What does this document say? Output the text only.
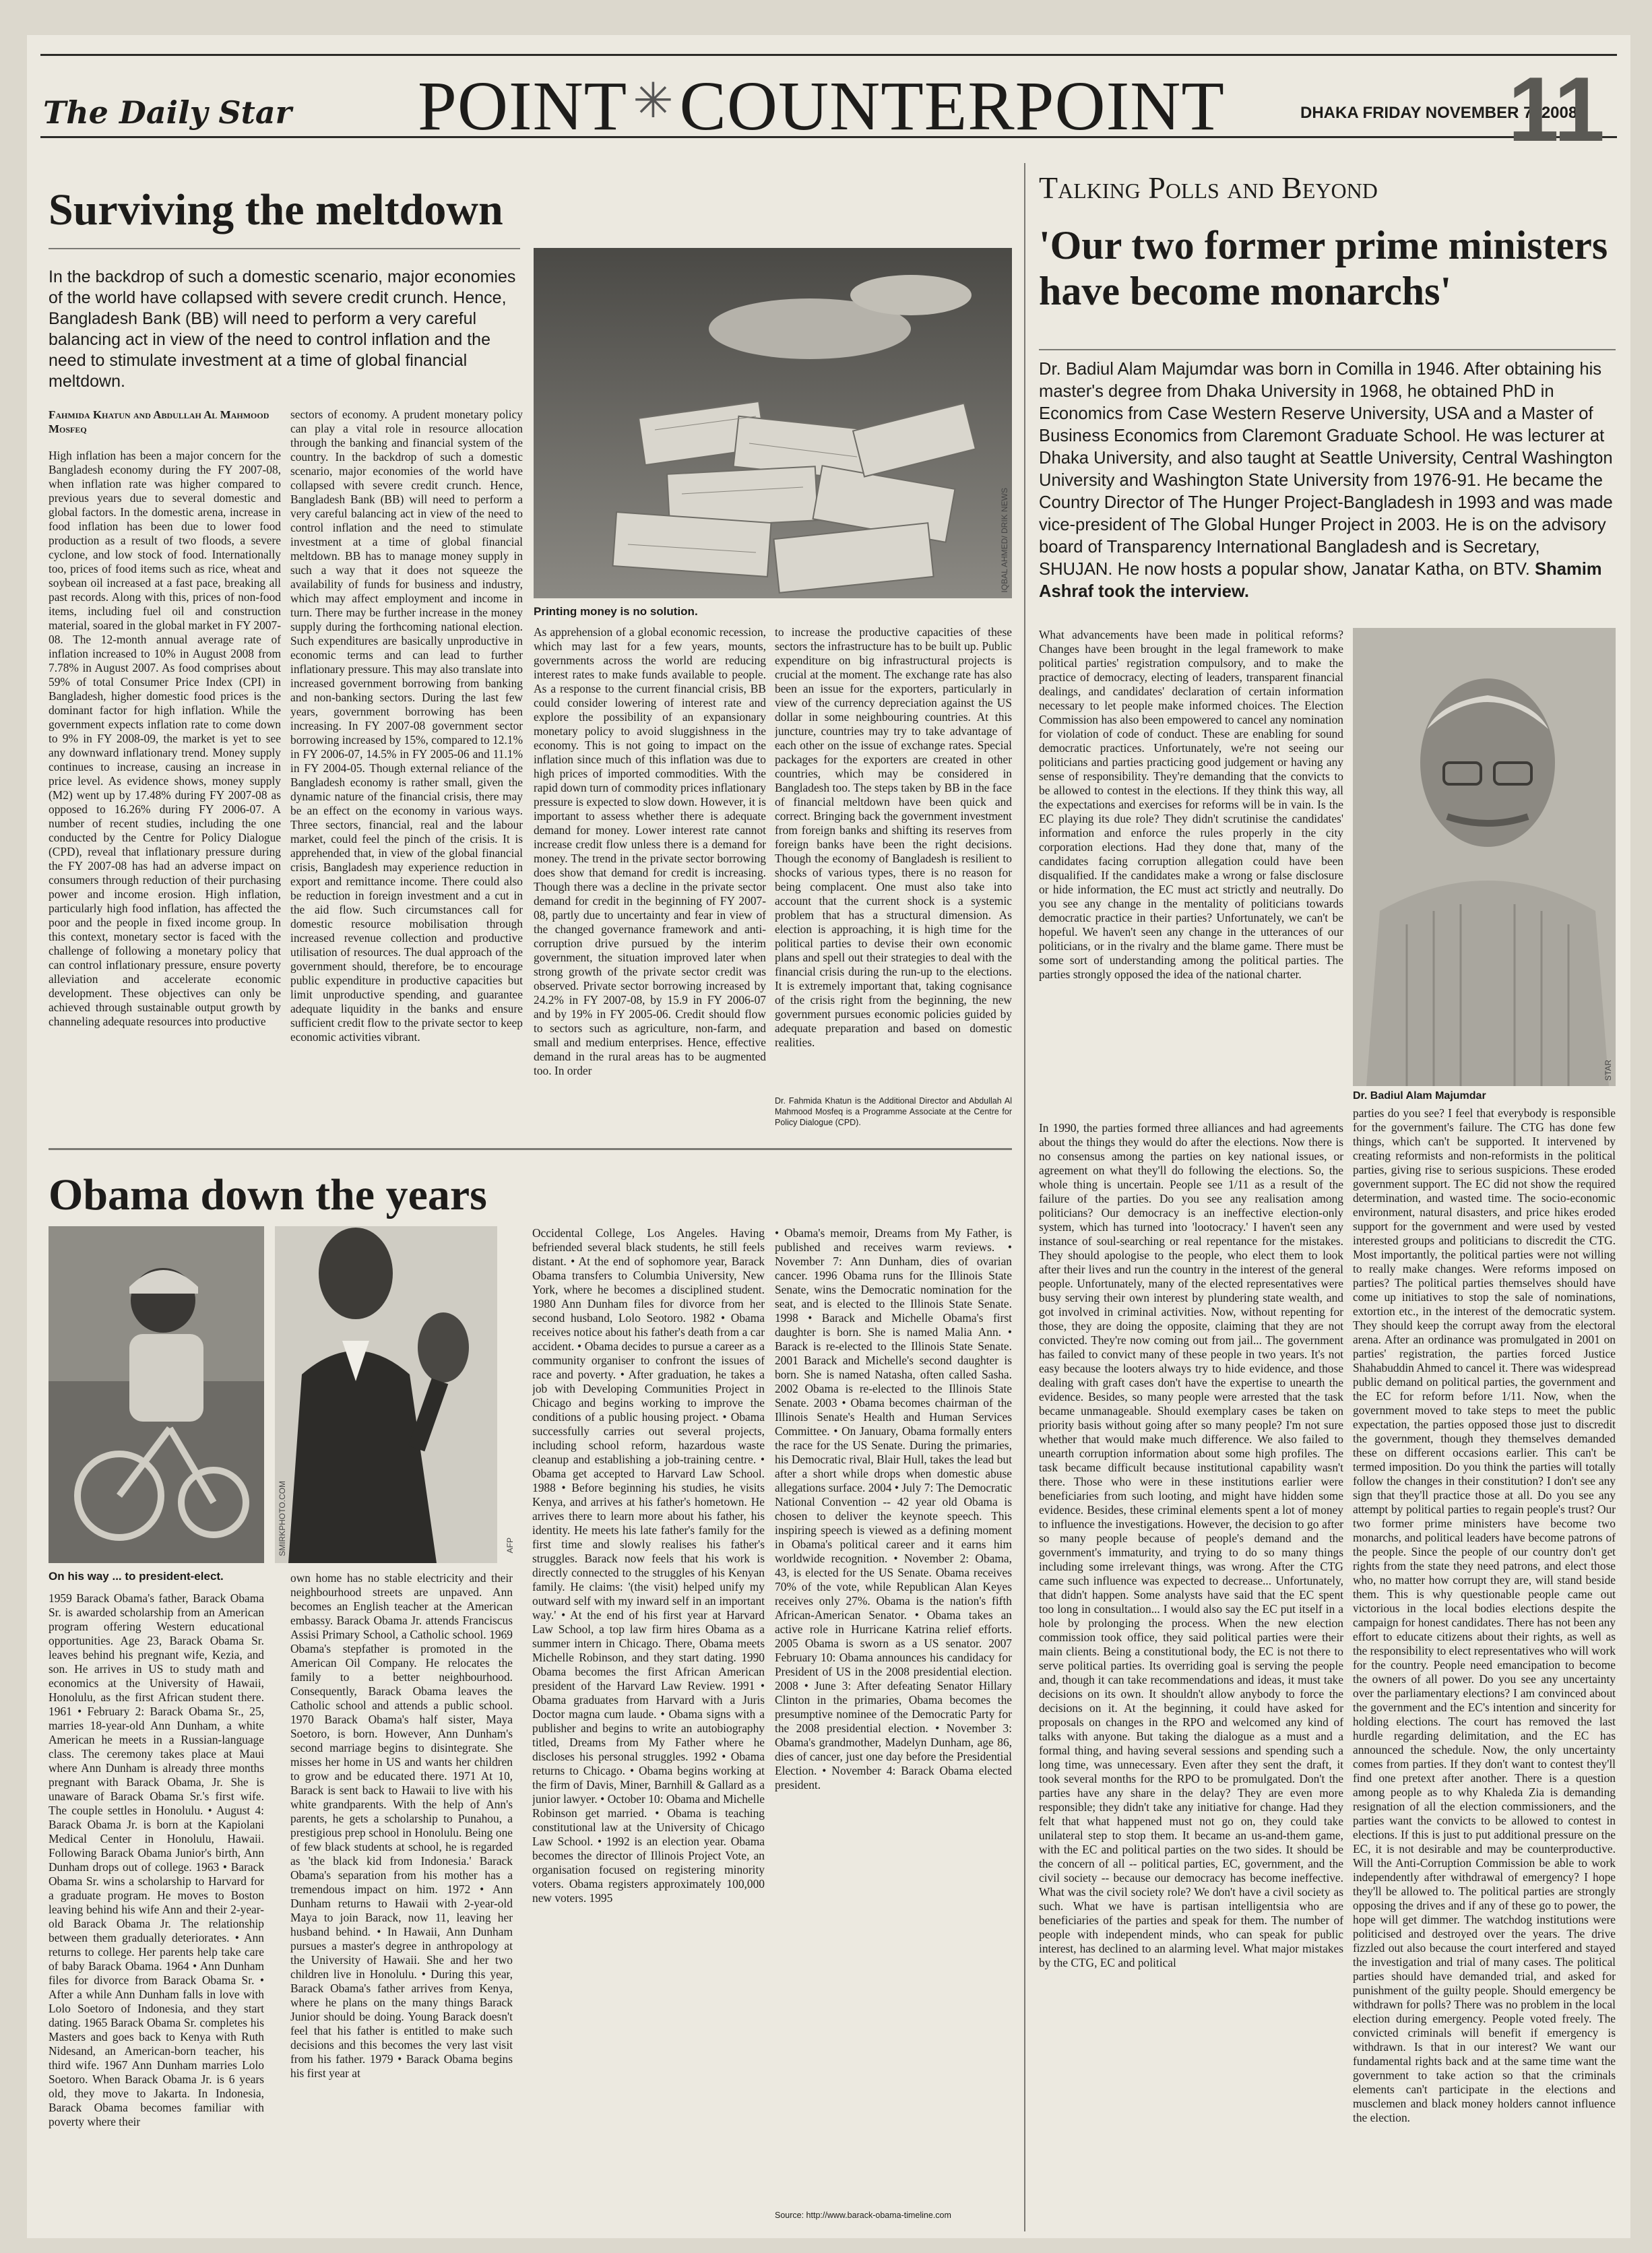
The Daily Star POINT ✳COUNTERPOINT	DHAKA FRIDAY NOVEMBER 7, 2008
11
Surviving the meltdown
In the backdrop of such a domestic scenario, major economies of the world have collapsed with severe credit crunch. Hence, Bangladesh Bank (BB) will need to perform a very careful balancing act in view of the need to control inflation and the need to stimulate investment at a time of global financial meltdown.
Fahmida Khatun and Abdullah Al Mahmood Mosfeq
High inflation has been a major concern for the Bangladesh economy during the FY 2007-08, when inflation rate was higher compared to previous years due to several domestic and global factors. In the domestic arena, increase in food inflation has been due to lower food production as a result of two floods, a severe cyclone, and low stock of food. Internationally too, prices of food items such as rice, wheat and soybean oil increased at a fast pace, breaking all past records. Along with this, prices of non-food items, including fuel oil and construction material, soared in the global market in FY 2007-08. The 12-month annual average rate of inflation increased to 10% in August 2008 from 7.78% in August 2007. As food comprises about 59% of total Consumer Price Index (CPI) in Bangladesh, higher domestic food prices is the dominant factor for high inflation. While the government expects inflation rate to come down to 9% in FY 2008-09, the market is yet to see any downward inflationary trend. Money supply continues to increase, causing an increase in price level. As evidence shows, money supply (M2) went up by 17.48% during FY 2007-08 as opposed to 16.26% during FY 2006-07. A number of recent studies, including the one conducted by the Centre for Policy Dialogue (CPD), reveal that inflationary pressure during the FY 2007-08 has had an adverse impact on consumers through reduction of their purchasing power and income erosion. High inflation, particularly high food inflation, has affected the poor and the people in fixed income group. In this context, monetary sector is faced with the challenge of following a monetary policy that can control inflationary pressure, ensure poverty alleviation and accelerate economic development. These objectives can only be achieved through sustainable output growth by channeling adequate resources into productive
sectors of economy. A prudent monetary policy can play a vital role in resource allocation through the banking and financial system of the country. In the backdrop of such a domestic scenario, major economies of the world have collapsed with severe credit crunch. Hence, Bangladesh Bank (BB) will need to perform a very careful balancing act in view of the need to control inflation and the need to stimulate investment at a time of global financial meltdown. BB has to manage money supply in such a way that it does not squeeze the availability of funds for business and industry, which may affect employment and income in turn. There may be further increase in the money supply during the forthcoming national election. Such expenditures are basically unproductive in economic terms and can lead to further inflationary pressure. This may also translate into increased government borrowing from banking and non-banking sectors. During the last few years, government borrowing has been increasing. In FY 2007-08 government sector borrowing increased by 15%, compared to 12.1% in FY 2006-07, 14.5% in FY 2005-06 and 11.1% in FY 2004-05. Though external reliance of the Bangladesh economy is rather small, given the dynamic nature of the financial crisis, there may be an effect on the economy in various ways. Three sectors, financial, real and the labour market, could feel the pinch of the crisis. It is apprehended that, in view of the global financial crisis, Bangladesh may experience reduction in export and remittance income. There could also be reduction in foreign investment and a cut in the aid flow. Such circumstances call for domestic resource mobilisation through increased revenue collection and productive utilisation of resources. The dual approach of the government should, therefore, be to encourage public expenditure in productive capacities but limit unproductive spending, and guarantee adequate liquidity in the banks and ensure sufficient credit flow to the private sector to keep economic activities vibrant.
IQBAL AHMED/ DRIK NEWS
Printing money is no solution.
As apprehension of a global economic recession, which may last for a few years, mounts, governments across the world are reducing interest rates to make funds available to people. As a response to the current financial crisis, BB could consider lowering of interest rate and explore the possibility of an expansionary monetary policy to avoid sluggishness in the economy. This is not going to impact on the inflation since much of this inflation was due to high prices of imported commodities. With the rapid down turn of commodity prices inflationary pressure is expected to slow down. However, it is important to assess whether there is adequate demand for money. Lower interest rate cannot increase credit flow unless there is a demand for money. The trend in the private sector borrowing does show that demand for credit is increasing. Though there was a decline in the private sector demand for credit in the beginning of FY 2007-08, partly due to uncertainty and fear in view of the changed governance framework and anti-corruption drive pursued by the interim government, the situation improved later when strong growth of the private sector credit was observed. Private sector borrowing increased by 24.2% in FY 2007-08, by 15.9 in FY 2006-07 and by 19% in FY 2005-06. Credit should flow to sectors such as agriculture, non-farm, and small and medium enterprises. Hence, effective demand in the rural areas has to be augmented too. In order
to increase the productive capacities of these sectors the infrastructure has to be built up. Public expenditure on big infrastructural projects is crucial at the moment. The exchange rate has also been an issue for the exporters, particularly in view of the currency depreciation against the US dollar in some neighbouring countries. At this juncture, countries may try to take advantage of each other on the issue of exchange rates. Special packages for the exporters are created in other countries, which may be considered in Bangladesh too. The steps taken by BB in the face of financial meltdown have been quick and correct. Bringing back the government investment from foreign banks and shifting its reserves from foreign banks have been the right decisions. Though the economy of Bangladesh is resilient to shocks of various types, there is no reason for being complacent. One must also take into account that the current shock is a systemic problem that has a structural dimension. As election is approaching, it is high time for the political parties to devise their own economic plans and spell out their strategies to deal with the financial crisis during the run-up to the elections. It is extremely important that, taking cognisance of the crisis right from the beginning, the new government pursues economic policies guided by adequate preparation and based on domestic realities.
Dr. Fahmida Khatun is the Additional Director and Abdullah Al Mahmood Mosfeq is a Programme Associate at the Centre for Policy Dialogue (CPD).
Obama down the years
SMIRKPHOTO.COM	AFP
On his way ... to president-elect.
1959 Barack Obama's father, Barack Obama Sr. is awarded scholarship from an American program offering Western educational opportunities. Age 23, Barack Obama Sr. leaves behind his pregnant wife, Kezia, and son. He arrives in US to study math and economics at the University of Hawaii, Honolulu, as the first African student there. 1961 • February 2: Barack Obama Sr., 25, marries 18-year-old Ann Dunham, a white American he meets in a Russian-language class. The ceremony takes place at Maui where Ann Dunham is already three months pregnant with Barack Obama, Jr. She is unaware of Barack Obama Sr.'s first wife. The couple settles in Honolulu. • August 4: Barack Obama Jr. is born at the Kapiolani Medical Center in Honolulu, Hawaii. Following Barack Obama Junior's birth, Ann Dunham drops out of college. 1963 • Barack Obama Sr. wins a scholarship to Harvard for a graduate program. He moves to Boston leaving behind his wife Ann and their 2-year-old Barack Obama Jr. The relationship between them gradually deteriorates. • Ann returns to college. Her parents help take care of baby Barack Obama. 1964 • Ann Dunham files for divorce from Barack Obama Sr. • After a while Ann Dunham falls in love with Lolo Soetoro of Indonesia, and they start dating. 1965 Barack Obama Sr. completes his Masters and goes back to Kenya with Ruth Nidesand, an American-born teacher, his third wife. 1967 Ann Dunham marries Lolo Soetoro. When Barack Obama Jr. is 6 years old, they move to Jakarta. In Indonesia, Barack Obama becomes familiar with poverty where their
own home has no stable electricity and their neighbourhood streets are unpaved. Ann becomes an English teacher at the American embassy. Barack Obama Jr. attends Franciscus Assisi Primary School, a Catholic school. 1969 Obama's stepfather is promoted in the American Oil Company. He relocates the family to a better neighbourhood. Consequently, Barack Obama leaves the Catholic school and attends a public school. 1970 Barack Obama's half sister, Maya Soetoro, is born. However, Ann Dunham's second marriage begins to disintegrate. She misses her home in US and wants her children to grow and be educated there. 1971 At 10, Barack is sent back to Hawaii to live with his white grandparents. With the help of Ann's parents, he gets a scholarship to Punahou, a prestigious prep school in Honolulu. Being one of few black students at school, he is regarded as 'the black kid from Indonesia.' Barack Obama's separation from his mother has a tremendous impact on him. 1972 • Ann Dunham returns to Hawaii with 2-year-old Maya to join Barack, now 11, leaving her husband behind. • In Hawaii, Ann Dunham pursues a master's degree in anthropology at the University of Hawaii. She and her two children live in Honolulu. • During this year, Barack Obama's father arrives from Kenya, where he plans on the many things Barack Junior should be doing. Young Barack doesn't feel that his father is entitled to make such decisions and this becomes the very last visit from his father. 1979 • Barack Obama begins his first year at
Occidental College, Los Angeles. Having befriended several black students, he still feels distant. • At the end of sophomore year, Barack Obama transfers to Columbia University, New York, where he becomes a disciplined student. 1980 Ann Dunham files for divorce from her second husband, Lolo Seotoro. 1982 • Obama receives notice about his father's death from a car accident. • Obama decides to pursue a career as a community organiser to confront the issues of race and poverty. • After graduation, he takes a job with Developing Communities Project in Chicago and begins working to improve the conditions of a public housing project. • Obama successfully carries out several projects, including school reform, hazardous waste cleanup and establishing a job-training centre. • Obama get accepted to Harvard Law School. 1988 • Before beginning his studies, he visits Kenya, and arrives at his father's hometown. He arrives there to learn more about his father, his identity. He meets his late father's family for the first time and slowly realises his father's struggles. Barack now feels that his work is directly connected to the struggles of his Kenyan family. He claims: '(the visit) helped unify my outward self with my inward self in an important way.' • At the end of his first year at Harvard Law School, a top law firm hires Obama as a summer intern in Chicago. There, Obama meets Michelle Robinson, and they start dating. 1990 Obama becomes the first African American president of the Harvard Law Review. 1991 • Obama graduates from Harvard with a Juris Doctor magna cum laude. • Obama signs with a publisher and begins to write an autobiography titled, Dreams from My Father where he discloses his personal struggles. 1992 • Obama returns to Chicago. • Obama begins working at the firm of Davis, Miner, Barnhill & Gallard as a junior lawyer. • October 10: Obama and Michelle Robinson get married. • Obama is teaching constitutional law at the University of Chicago Law School. • 1992 is an election year. Obama becomes the director of Illinois Project Vote, an organisation focused on registering minority voters. Obama registers approximately 100,000 new voters. 1995
• Obama's memoir, Dreams from My Father, is published and receives warm reviews. • November 7: Ann Dunham, dies of ovarian cancer. 1996 Obama runs for the Illinois State Senate, wins the Democratic nomination for the seat, and is elected to the Illinois State Senate. 1998 • Barack and Michelle Obama's first daughter is born. She is named Malia Ann. • Barack is re-elected to the Illinois State Senate. 2001 Barack and Michelle's second daughter is born. She is named Natasha, often called Sasha. 2002 Obama is re-elected to the Illinois State Senate. 2003 • Obama becomes chairman of the Illinois Senate's Health and Human Services Committee. • On January, Obama formally enters the race for the US Senate. During the primaries, his Democratic rival, Blair Hull, takes the lead but after a short while drops when domestic abuse allegations surface. 2004 • July 7: The Democratic National Convention -- 42 year old Obama is chosen to deliver the keynote speech. This inspiring speech is viewed as a defining moment in Obama's political career and it earns him worldwide recognition. • November 2: Obama, 43, is elected for the US Senate. Obama receives 70% of the vote, while Republican Alan Keyes receives only 27%. Obama is the nation's fifth African-American Senator. • Obama takes an active role in Hurricane Katrina relief efforts. 2005 Obama is sworn as a US senator. 2007 February 10: Obama announces his candidacy for President of US in the 2008 presidential election. 2008 • June 3: After defeating Senator Hillary Clinton in the primaries, Obama becomes the presumptive nominee of the Democratic Party for the 2008 presidential election. • November 3: Obama's grandmother, Madelyn Dunham, age 86, dies of cancer, just one day before the Presidential Election. • November 4: Barack Obama elected president.
Source: http://www.barack-obama-timeline.com
Talking Polls and Beyond
'Our two former prime ministers have become monarchs'
Dr. Badiul Alam Majumdar was born in Comilla in 1946. After obtaining his master's degree from Dhaka University in 1968, he obtained PhD in Economics from Case Western Reserve University, USA and a Master of Business Economics from Claremont Graduate School. He was lecturer at Dhaka University, and also taught at Seattle University, Central Washington University and Washington State University from 1976-91. He became the Country Director of The Hunger Project-Bangladesh in 1993 and was made vice-president of The Global Hunger Project in 2003. He is on the advisory board of Transparency International Bangladesh and is Secretary, SHUJAN. He now hosts a popular show, Janatar Katha, on BTV. Shamim Ashraf took the interview.
What advancements have been made in political reforms? Changes have been brought in the legal framework to make political parties' registration compulsory, and to make the practice of democracy, electing of leaders, transparent financial dealings, and candidates' declaration of certain information necessary to let people make informed choices. The Election Commission has also been empowered to cancel any nomination for violation of code of conduct. These are enabling for sound democratic practices. Unfortunately, we're not seeing our politicians and parties practicing good judgement or having any sense of responsibility. They're demanding that the convicts to be allowed to contest in the elections. If they think this way, all the expectations and exercises for reforms will be in vain. Is the EC playing its due role? They didn't scrutinise the candidates' information and enforce the rules properly in the city corporation elections. Had they done that, many of the candidates facing corruption allegation could have been disqualified. If the candidates make a wrong or false disclosure or hide information, the EC must act strictly and neutrally. Do you see any change in the mentality of politicians towards democratic practice in their parties? Unfortunately, we can't be hopeful. We haven't seen any change in the utterances of our politicians, or in the rivalry and the blame game. There must be some sort of understanding among the political parties. The parties strongly opposed the idea of the national charter.
STAR
Dr. Badiul Alam Majumdar
In 1990, the parties formed three alliances and had agreements about the things they would do after the elections. Now there is no consensus among the parties on key national issues, or agreement on what they'll do following the elections. So, the whole thing is uncertain. People see 1/11 as a result of the failure of the parties. Do you see any realisation among politicians? Our democracy is an ineffective election-only system, which has turned into 'lootocracy.' I haven't seen any instance of soul-searching or real repentance for the mistakes. They should apologise to the people, who elect them to look after their lives and run the country in the interest of the general people. Unfortunately, many of the elected representatives were busy serving their own interest by plundering state wealth, and got involved in criminal activities. Now, without repenting for those, they are doing the opposite, claiming that they are not convicted. They're now coming out from jail... The government has failed to convict many of these people in two years. It's not easy because the looters always try to hide evidence, and those dealing with graft cases don't have the expertise to unearth the evidence. Besides, so many people were arrested that the task became unmanageable. Should exemplary cases be taken on priority basis without going after so many people? I'm not sure whether that would make much difference. We also failed to unearth corruption information about some high profiles. The task became difficult because institutional capability wasn't there. Those who were in these institutions earlier were beneficiaries from such looting, and might have hidden some evidence. Besides, these criminal elements spent a lot of money to influence the investigations. However, the decision to go after so many people because of people's demand and the government's immaturity, and trying to do so many things including some irrelevant things, was wrong. After the CTG came such influence was expected to decrease... Unfortunately, that didn't happen. Some analysts have said that the EC spent too long in consultation... I would also say the EC put itself in a hole by prolonging the process. When the new election commission took office, they said political parties were their main clients. Being a constitutional body, the EC is not there to serve political parties. Its overriding goal is serving the people and, though it can take recommendations and ideas, it must take decisions on its own. It shouldn't allow anybody to force the decisions on it. At the beginning, it could have asked for proposals on changes in the RPO and welcomed any kind of talks with anyone. But taking the dialogue as a must and a formal thing, and having several sessions and spending such a long time, was unnecessary. Even after they sent the draft, it took several months for the RPO to be promulgated. Don't the parties have any share in the delay? They are even more responsible; they didn't take any initiative for change. Had they felt that what happened must not go on, they could take unilateral step to stop them. It became an us-and-them game, with the EC and political parties on the two sides. It should be the concern of all -- political parties, EC, government, and the civil society -- because our democracy has become ineffective. What was the civil society role? We don't have a civil society as such. What we have is partisan intelligentsia who are beneficiaries of the parties and speak for them. The number of people with independent minds, who can speak for public interest, has declined to an alarming level. What major mistakes by the CTG, EC and political
parties do you see? I feel that everybody is responsible for the government's failure. The CTG has done few things, which can't be supported. It intervened by creating reformists and non-reformists in the political parties, giving rise to serious suspicions. These eroded government support. The EC did not show the required determination, and wasted time. The socio-economic environment, natural disasters, and price hikes eroded support for the government and were used by vested interested groups and politicians to discredit the CTG. Most importantly, the political parties were not willing to really make changes. Were reforms imposed on parties? The political parties themselves should have come up initiatives to stop the sale of nominations, extortion etc., in the interest of the democratic system. They should keep the corrupt away from the electoral arena. After an ordinance was promulgated in 2001 on parties' registration, the parties forced Justice Shahabuddin Ahmed to cancel it. There was widespread public demand on political parties, the government and the EC for reform before 1/11. Now, when the government moved to take steps to meet the public expectation, the parties opposed those just to discredit the government, though they themselves demanded these on different occasions earlier. This can't be termed imposition. Do you think the parties will totally follow the changes in their constitution? I don't see any sign that they'll practice those at all. Do you see any attempt by political parties to regain people's trust? Our two former prime ministers have become two monarchs, and political leaders have become patrons of the people. Since the people of our country don't get rights from the state they need patrons, and elect those who, no matter how corrupt they are, will stand beside them. This is why questionable people came out victorious in the local bodies elections despite the campaign for honest candidates. There has not been any effort to educate citizens about their rights, as well as the responsibility to elect representatives who will work for the country. People need emancipation to become the owners of all power. Do you see any uncertainty over the parliamentary elections? I am convinced about the government and the EC's intention and sincerity for holding elections. The court has removed the last hurdle regarding delimitation, and the EC has announced the schedule. Now, the only uncertainty comes from parties. If they don't want to contest they'll find one pretext after another. There is a question among people as to why Khaleda Zia is demanding resignation of all the election commissioners, and the parties want the convicts to be allowed to contest in elections. If this is just to put additional pressure on the EC, it is not desirable and may be counterproductive. Will the Anti-Corruption Commission be able to work independently after withdrawal of emergency? I hope they'll be allowed to. The political parties are strongly opposing the drives and if any of these go to power, the hope will get dimmer. The watchdog institutions were politicised and destroyed over the years. The drive fizzled out also because the court interfered and stayed the investigation and trial of many cases. The political parties should have demanded trial, and asked for punishment of the guilty people. Should emergency be withdrawn for polls? There was no problem in the local election during emergency. People voted freely. The convicted criminals will benefit if emergency is withdrawn. Is that in our interest? We want our fundamental rights back and at the same time want the government to take action so that the criminals elements can't participate in the elections and musclemen and black money holders cannot influence the election.
